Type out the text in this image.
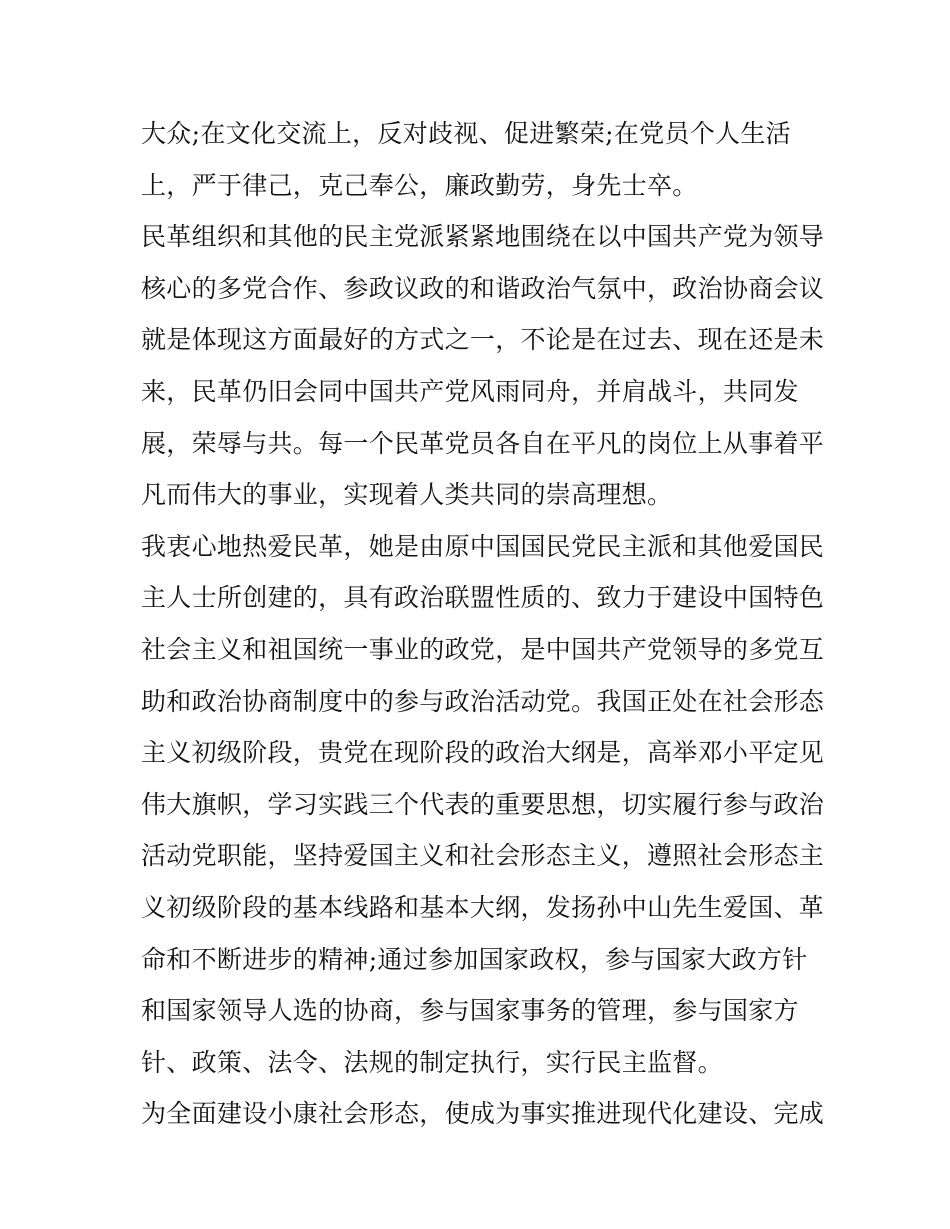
大众;在文化交流上，反对歧视、促进繁荣;在党员个人生活
上，严于律己，克己奉公，廉政勤劳，身先士卒。
民革组织和其他的民主党派紧紧地围绕在以中国共产党为领导
核心的多党合作、参政议政的和谐政治气氛中，政治协商会议
就是体现这方面最好的方式之一，不论是在过去、现在还是未
来，民革仍旧会同中国共产党风雨同舟，并肩战斗，共同发
展，荣辱与共。每一个民革党员各自在平凡的岗位上从事着平
凡而伟大的事业，实现着人类共同的崇高理想。
我衷心地热爱民革，她是由原中国国民党民主派和其他爱国民
主人士所创建的，具有政治联盟性质的、致力于建设中国特色
社会主义和祖国统一事业的政党，是中国共产党领导的多党互
助和政治协商制度中的参与政治活动党。我国正处在社会形态
主义初级阶段，贵党在现阶段的政治大纲是，高举邓小平定见
伟大旗帜，学习实践三个代表的重要思想，切实履行参与政治
活动党职能，坚持爱国主义和社会形态主义，遵照社会形态主
义初级阶段的基本线路和基本大纲，发扬孙中山先生爱国、革
命和不断进步的精神;通过参加国家政权，参与国家大政方针
和国家领导人选的协商，参与国家事务的管理，参与国家方
针、政策、法令、法规的制定执行，实行民主监督。
为全面建设小康社会形态，使成为事实推进现代化建设、完成
